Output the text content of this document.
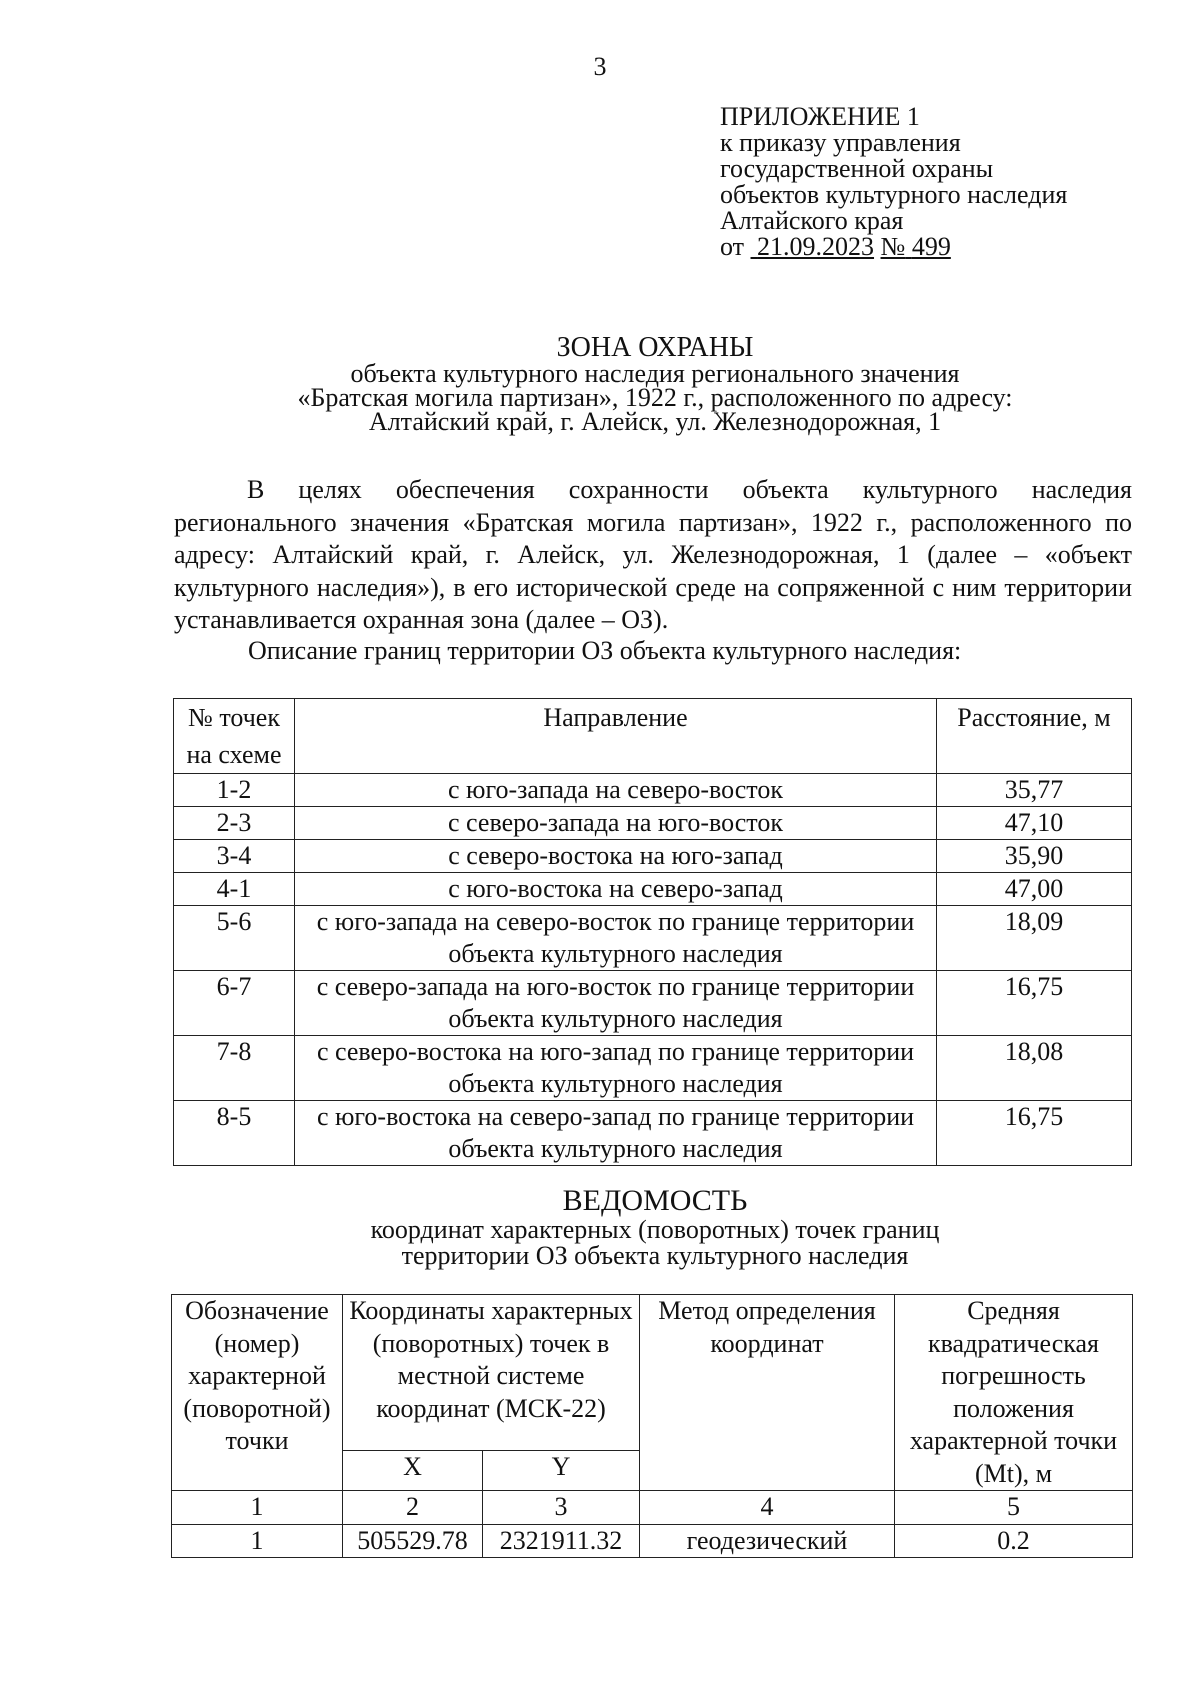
3
ПРИЛОЖЕНИЕ 1
к приказу управления
государственной охраны
объектов культурного наследия
Алтайского края
от 21.09.2023 № 499
ЗОНА ОХРАНЫ
объекта культурного наследия регионального значения
«Братская могила партизан», 1922 г., расположенного по адресу:
Алтайский край, г. Алейск, ул. Железнодорожная, 1

В целях обеспечения сохранности объекта культурного наследия регионального значения «Братская могила партизан», 1922 г., расположенного по адресу: Алтайский край, г. Алейск, ул. Железнодорожная, 1 (далее – «объект культурного наследия»), в его исторической среде на сопряженной с ним территории устанавливается охранная зона (далее – ОЗ).

Описание границ территории ОЗ объекта культурного наследия:
№ точек на схеме	Направление	Расстояние, м
1-2	с юго-запада на северо-восток	35,77
2-3	с северо-запада на юго-восток	47,10
3-4	с северо-востока на юго-запад	35,90
4-1	с юго-востока на северо-запад	47,00
5-6	с юго-запада на северо-восток по границе территории объекта культурного наследия	18,09
6-7	с северо-запада на юго-восток по границе территории объекта культурного наследия	16,75
7-8	с северо-востока на юго-запад по границе территории объекта культурного наследия	18,08
8-5	с юго-востока на северо-запад по границе территории объекта культурного наследия	16,75
ВЕДОМОСТЬ
координат характерных (поворотных) точек границ
территории ОЗ объекта культурного наследия
Обозначение (номер) характерной (поворотной) точки	Координаты характерных (поворотных) точек в местной системе координат (МСК-22)		Метод определения координат	Средняя квадратическая погрешность положения характерной точки (Mt), м
	X	Y		
1	2	3	4	5
1	505529.78	2321911.32	геодезический	0.2
